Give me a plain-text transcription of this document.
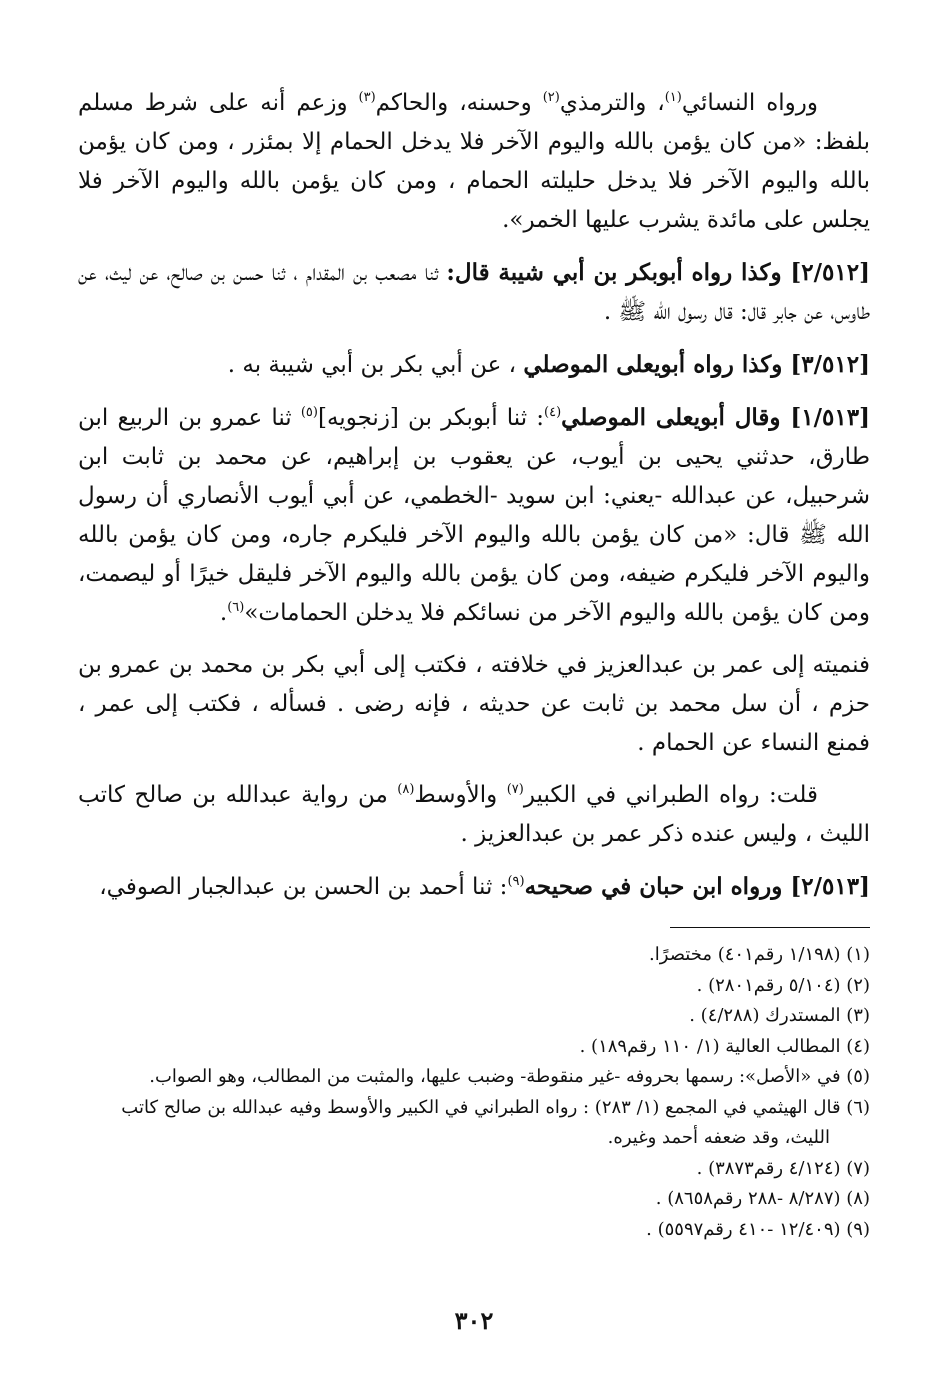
ورواه النسائي$^{(١)}$، والترمذي$^{(٢)}$ وحسنه، والحاكم$^{(٣)}$ وزعم أنه على شرط مسلم بلفظ: «من كان يؤمن بالله واليوم الآخر فلا يدخل الحمام إلا بمئزر ، ومن كان يؤمن بالله واليوم الآخر فلا يدخل حليلته الحمام ، ومن كان يؤمن بالله واليوم الآخر فلا يجلس على مائدة يشرب عليها الخمر».

[٢/٥١٢] وكذا رواه أبوبكر بن أبي شيبة قال: ثنا مصعب بن المقدام ، ثنا حسن بن صالح، عن ليث، عن طاوس، عن جابر قال: قال رسول الله ﷺ .

[٣/٥١٢] وكذا رواه أبويعلى الموصلي ، عن أبي بكر بن أبي شيبة به .

[١/٥١٣] وقال أبويعلى الموصلي$^{(٤)}$: ثنا أبوبكر بن [زنجويه]$^{(٥)}$ ثنا عمرو بن الربيع ابن طارق، حدثني يحيى بن أيوب، عن يعقوب بن إبراهيم، عن محمد بن ثابت ابن شرحبيل، عن عبدالله -يعني: ابن سويد -الخطمي، عن أبي أيوب الأنصاري أن رسول الله ﷺ قال: «من كان يؤمن بالله واليوم الآخر فليكرم جاره، ومن كان يؤمن بالله واليوم الآخر فليكرم ضيفه، ومن كان يؤمن بالله واليوم الآخر فليقل خيرًا أو ليصمت، ومن كان يؤمن بالله واليوم الآخر من نسائكم فلا يدخلن الحمامات»$^{(٦)}$.

فنميته إلى عمر بن عبدالعزيز في خلافته ، فكتب إلى أبي بكر بن محمد بن عمرو بن حزم ، أن سل محمد بن ثابت عن حديثه ، فإنه رضى . فسأله ، فكتب إلى عمر ، فمنع النساء عن الحمام .

قلت: رواه الطبراني في الكبير$^{(٧)}$ والأوسط$^{(٨)}$ من رواية عبدالله بن صالح كاتب الليث ، وليس عنده ذكر عمر بن عبدالعزيز .

[٢/٥١٣] ورواه ابن حبان في صحيحه$^{(٩)}$: ثنا أحمد بن الحسن بن عبدالجبار الصوفي،

(١) (١/١٩٨ رقم٤٠١) مختصرًا.
(٢) (٥/١٠٤ رقم٢٨٠١) .
(٣) المستدرك (٤/٢٨٨) .
(٤) المطالب العالية (١/ ١١٠ رقم١٨٩) .
(٥) في «الأصل»: رسمها بحروفه -غير منقوطة- وضبب عليها، والمثبت من المطالب، وهو الصواب.
(٦) قال الهيثمي في المجمع (١/ ٢٨٣) : رواه الطبراني في الكبير والأوسط وفيه عبدالله بن صالح كاتب
الليث، وقد ضعفه أحمد وغيره.
(٧) (٤/١٢٤ رقم٣٨٧٣) .
(٨) (٨/٢٨٧ -٢٨٨ رقم٨٦٥٨) .
(٩) (١٢/٤٠٩ -٤١٠ رقم٥٥٩٧) .
٣٠٢
